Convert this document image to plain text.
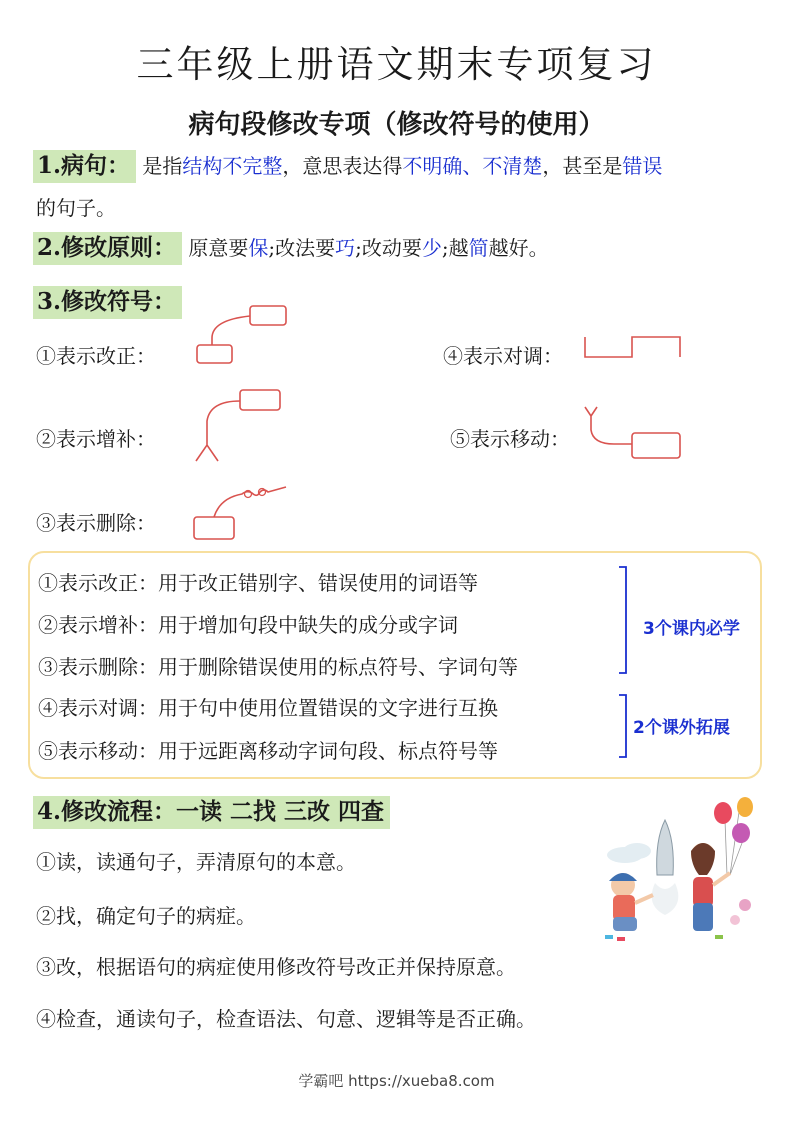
三年级上册语文期末专项复习
病句段修改专项（修改符号的使用）
1.病句： 是指结构不完整，意思表达得不明确、不清楚，甚至是错误
的句子。
2.修改原则： 原意要保;改法要巧;改动要少;越简越好。
3.修改符号：
①表示改正：
②表示增补：
③表示删除：
④表示对调：
⑤表示移动：
①表示改正：用于改正错别字、错误使用的词语等
②表示增补：用于增加句段中缺失的成分或字词
③表示删除：用于删除错误使用的标点符号、字词句等
④表示对调：用于句中使用位置错误的文字进行互换
⑤表示移动：用于远距离移动字词句段、标点符号等
3个课内必学
2个课外拓展
4.修改流程：一读 二找 三改 四查
①读，读通句子，弄清原句的本意。
②找，确定句子的病症。
③改，根据语句的病症使用修改符号改正并保持原意。
④检查，通读句子，检查语法、句意、逻辑等是否正确。
学霸吧 https://xueba8.com
